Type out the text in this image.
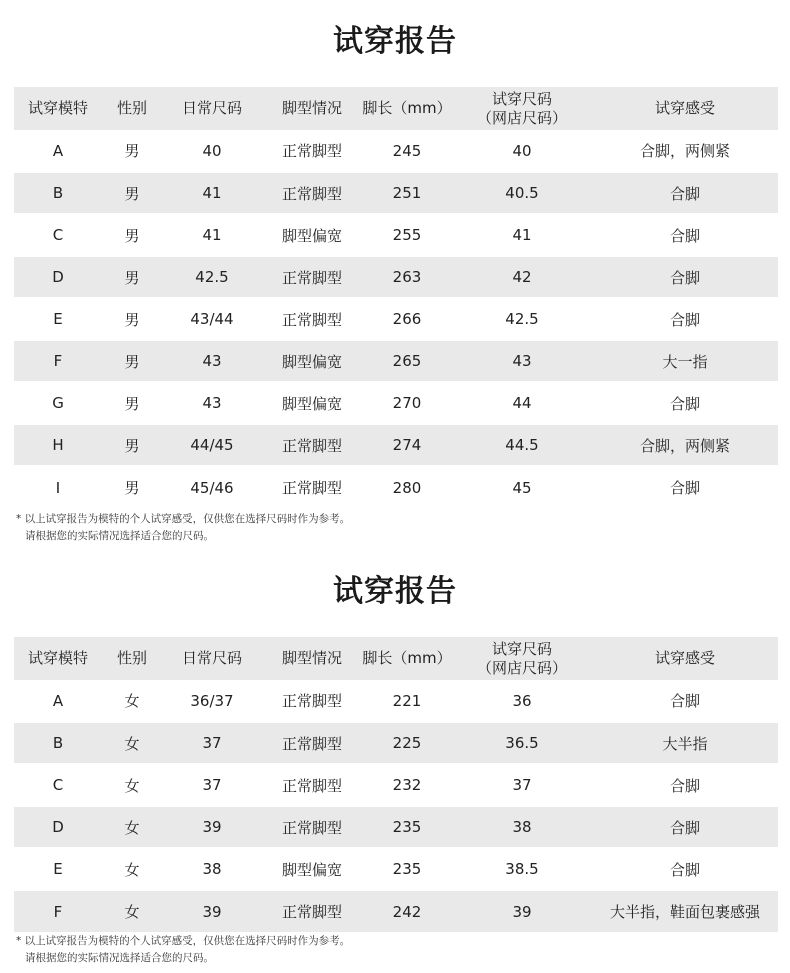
试穿报告
试穿模特	性别	日常尺码	脚型情况	脚长（mm）	试穿尺码
（网店尺码）	试穿感受
A	男	40	正常脚型	245	40	合脚，两侧紧
B	男	41	正常脚型	251	40.5	合脚
C	男	41	脚型偏宽	255	41	合脚
D	男	42.5	正常脚型	263	42	合脚
E	男	43/44	正常脚型	266	42.5	合脚
F	男	43	脚型偏宽	265	43	大一指
G	男	43	脚型偏宽	270	44	合脚
H	男	44/45	正常脚型	274	44.5	合脚，两侧紧
I	男	45/46	正常脚型	280	45	合脚
* 以上试穿报告为模特的个人试穿感受，仅供您在选择尺码时作为参考。
请根据您的实际情况选择适合您的尺码。
试穿报告
试穿模特	性别	日常尺码	脚型情况	脚长（mm）	试穿尺码
（网店尺码）	试穿感受
A	女	36/37	正常脚型	221	36	合脚
B	女	37	正常脚型	225	36.5	大半指
C	女	37	正常脚型	232	37	合脚
D	女	39	正常脚型	235	38	合脚
E	女	38	脚型偏宽	235	38.5	合脚
F	女	39	正常脚型	242	39	大半指，鞋面包裹感强
* 以上试穿报告为模特的个人试穿感受，仅供您在选择尺码时作为参考。
请根据您的实际情况选择适合您的尺码。
